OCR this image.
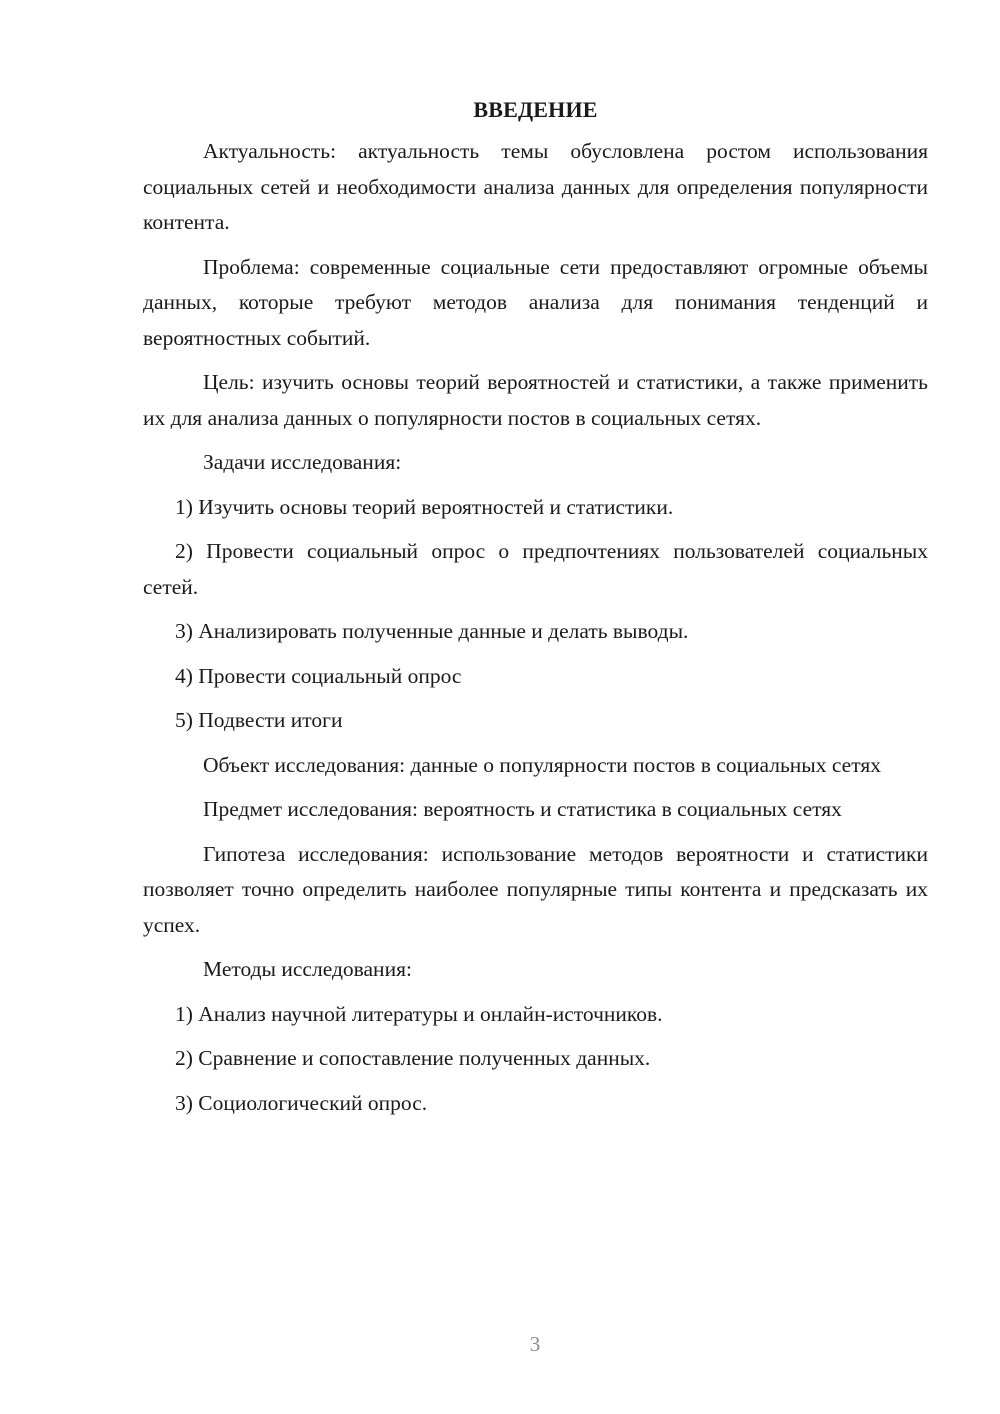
ВВЕДЕНИЕ

Актуальность: актуальность темы обусловлена ростом использования социальных сетей и необходимости анализа данных для определения популярности контента.

Проблема: современные социальные сети предоставляют огромные объемы данных, которые требуют методов анализа для понимания тенденций и вероятностных событий.

Цель: изучить основы теорий вероятностей и статистики, а также применить их для анализа данных о популярности постов в социальных сетях.

Задачи исследования:

1) Изучить основы теорий вероятностей и статистики.

2) Провести социальный опрос о предпочтениях пользователей социальных сетей.

3) Анализировать полученные данные и делать выводы.

4) Провести социальный опрос

5) Подвести итоги

Объект исследования: данные о популярности постов в социальных сетях

Предмет исследования: вероятность и статистика в социальных сетях

Гипотеза исследования: использование методов вероятности и статистики позволяет точно определить наиболее популярные типы контента и предсказать их успех.

Методы исследования:

1) Анализ научной литературы и онлайн-источников.

2) Сравнение и сопоставление полученных данных.

3) Социологический опрос.

3
